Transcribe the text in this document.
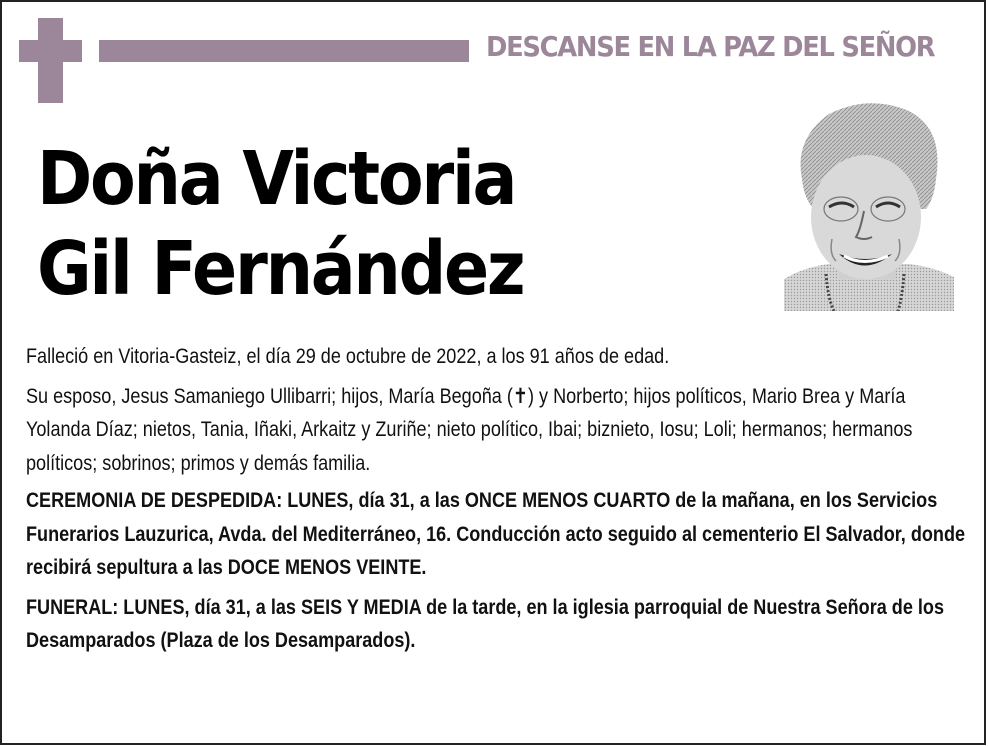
DESCANSE EN LA PAZ DEL SEÑOR
Doña Victoria
Gil Fernández

Falleció en Vitoria-Gasteiz, el día 29 de octubre de 2022, a los 91 años de edad.

Su esposo, Jesus Samaniego Ullibarri; hijos, María Begoña (✝) y Norberto; hijos políticos, Mario Brea y María Yolanda Díaz; nietos, Tania, Iñaki, Arkaitz y Zuriñe; nieto político, Ibai; biznieto, Iosu; Loli; hermanos; hermanos políticos; sobrinos; primos y demás familia.

CEREMONIA DE DESPEDIDA: LUNES, día 31, a las ONCE MENOS CUARTO de la mañana, en los Servicios Funerarios Lauzurica, Avda. del Mediterráneo, 16. Conducción acto seguido al cementerio El Salvador, donde recibirá sepultura a las DOCE MENOS VEINTE.

FUNERAL: LUNES, día 31, a las SEIS Y MEDIA de la tarde, en la iglesia parroquial de Nuestra Señora de los Desamparados (Plaza de los Desamparados).
